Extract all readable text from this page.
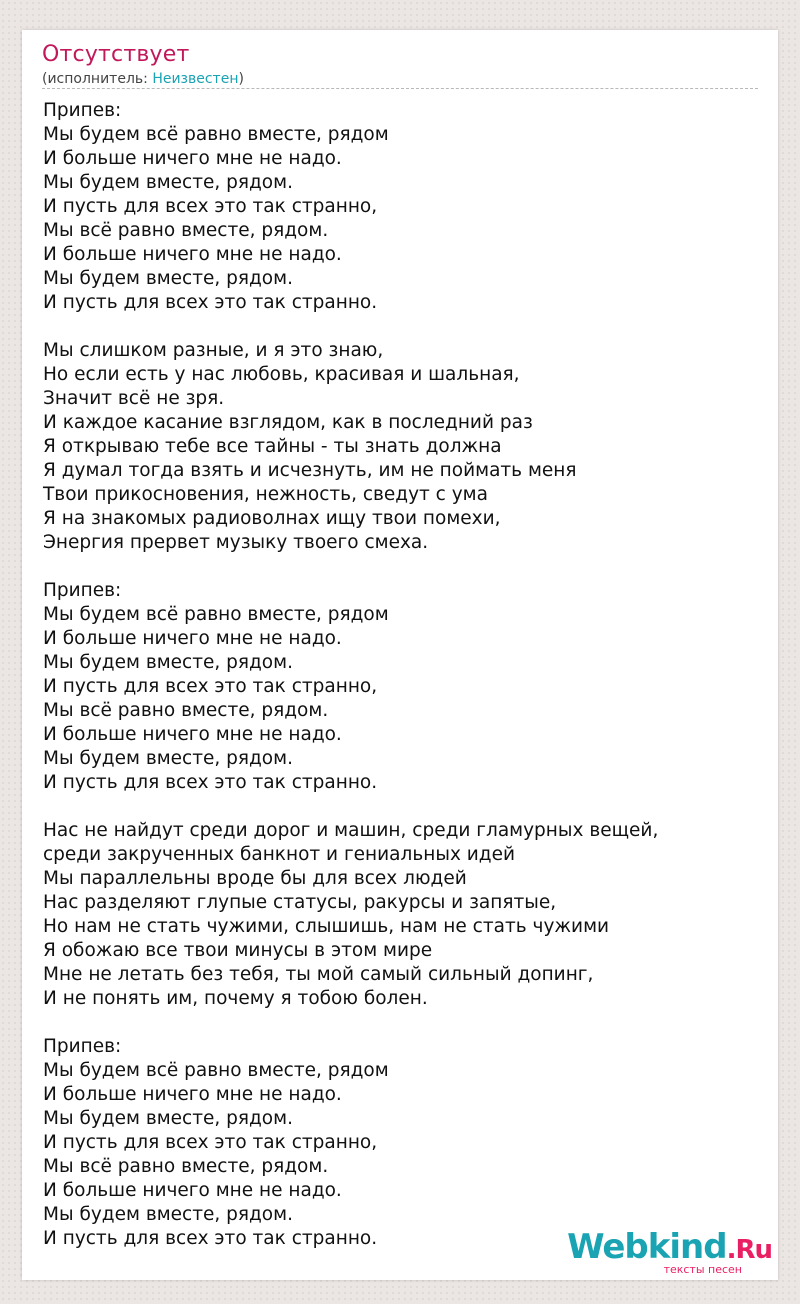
Отсутствует
(исполнитель: Неизвестен)
Припев:
Мы будем всё равно вместе, рядом
И больше ничего мне не надо.
Мы будем вместе, рядом.
И пусть для всех это так странно,
Мы всё равно вместе, рядом.
И больше ничего мне не надо.
Мы будем вместе, рядом.
И пусть для всех это так странно.
Мы слишком разные, и я это знаю,
Но если есть у нас любовь, красивая и шальная,
Значит всё не зря.
И каждое касание взглядом, как в последний раз
Я открываю тебе все тайны - ты знать должна
Я думал тогда взять и исчезнуть, им не поймать меня
Твои прикосновения, нежность, сведут с ума
Я на знакомых радиоволнах ищу твои помехи,
Энергия прервет музыку твоего смеха.
Припев:
Мы будем всё равно вместе, рядом
И больше ничего мне не надо.
Мы будем вместе, рядом.
И пусть для всех это так странно,
Мы всё равно вместе, рядом.
И больше ничего мне не надо.
Мы будем вместе, рядом.
И пусть для всех это так странно.
Нас не найдут среди дорог и машин, среди гламурных вещей,
среди закрученных банкнот и гениальных идей
Мы параллельны вроде бы для всех людей
Нас разделяют глупые статусы, ракурсы и запятые,
Но нам не стать чужими, слышишь, нам не стать чужими
Я обожаю все твои минусы в этом мире
Мне не летать без тебя, ты мой самый сильный допинг,
И не понять им, почему я тобою болен.
Припев:
Мы будем всё равно вместе, рядом
И больше ничего мне не надо.
Мы будем вместе, рядом.
И пусть для всех это так странно,
Мы всё равно вместе, рядом.
И больше ничего мне не надо.
Мы будем вместе, рядом.
И пусть для всех это так странно.	Webkind.Ru
тексты песен
